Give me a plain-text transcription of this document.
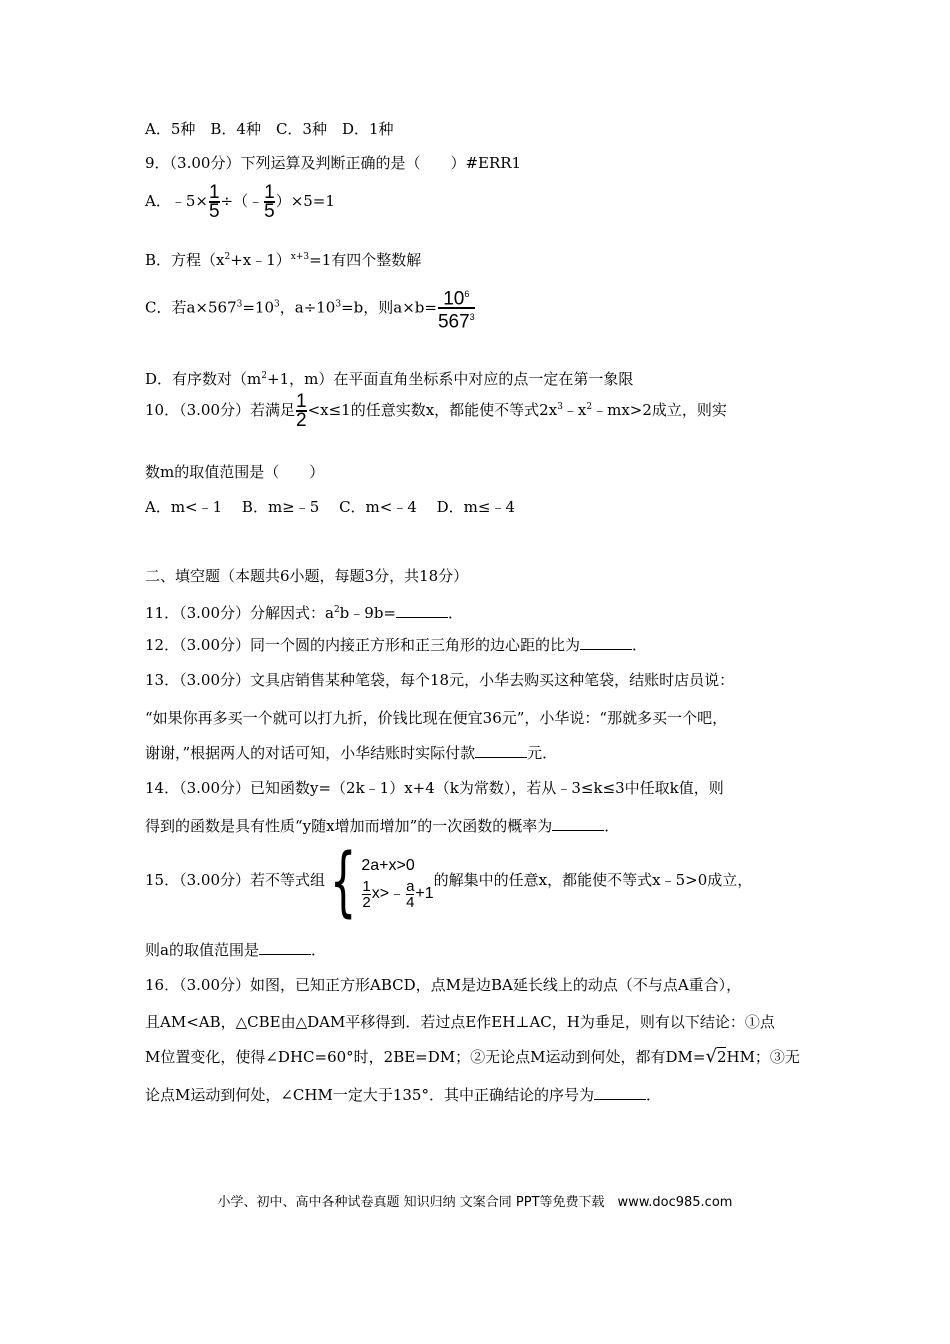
A．5种　B．4种　C．3种　D．1种
9．（3.00分）下列运算及判断正确的是（　　）#ERR1
A．﹣5× $\frac{1}{5}$ ÷（﹣ $\frac{1}{5} )\times 5=1$
B．方程$(x^2+x﹣1)^{x+3}=1$有四个整数解
C．若$a\times 567^3=10^3$，$a\div 10^3=b$，则$a\times b= \frac{10^6}{567^3}$
D．有序数对（$m^2+1$，m）在平面直角坐标系中对应的点一定在第一象限
10．（3.00分）若满足 $\frac{1}{2} <x\le 1$的任意实数x，都能使不等式$2x^3﹣x^2﹣mx>2$成立，则实
数m的取值范围是（　　）
A．m<﹣1　 B．m≥﹣5　 C．m<﹣4　 D．m≤﹣4
二、填空题（本题共6小题，每题3分，共18分）
11．（3.00分）分解因式：$a^2b﹣9b=$	．
12．（3.00分）同一个圆的内接正方形和正三角形的边心距的比为	．
13．（3.00分）文具店销售某种笔袋，每个18元，小华去购买这种笔袋，结账时店员说：
“如果你再多买一个就可以打九折，价钱比现在便宜36元”，小华说：“那就多买一个吧，
谢谢，”根据两人的对话可知，小华结账时实际付款	元．
14．（3.00分）已知函数y=（2k﹣1）x+4（k为常数），若从﹣3≤k≤3中任取k值，则
得到的函数是具有性质“y随x增加而增加”的一次函数的概率为	．
15．（3.00分）若不等式组 { 2a+x>0
$\frac{1}{2}$ x>﹣ $\frac{a}{4} +1$
的解集中的任意x，都能使不等式x﹣5>0成立，
则a的取值范围是	．
16．（3.00分）如图，已知正方形ABCD，点M是边BA延长线上的动点（不与点A重合），
且AM<AB，△CBE由△DAM平移得到．若过点E作EH⊥AC，H为垂足，则有以下结论：①点
M位置变化，使得∠DHC=60°时，2BE=DM；②无论点M运动到何处，都有DM=√2HM；③无
论点M运动到何处，∠CHM一定大于135°．其中正确结论的序号为	．
小学、初中、高中各种试卷真题 知识归纳 文案合同 PPT等免费下载　www.doc985.com
